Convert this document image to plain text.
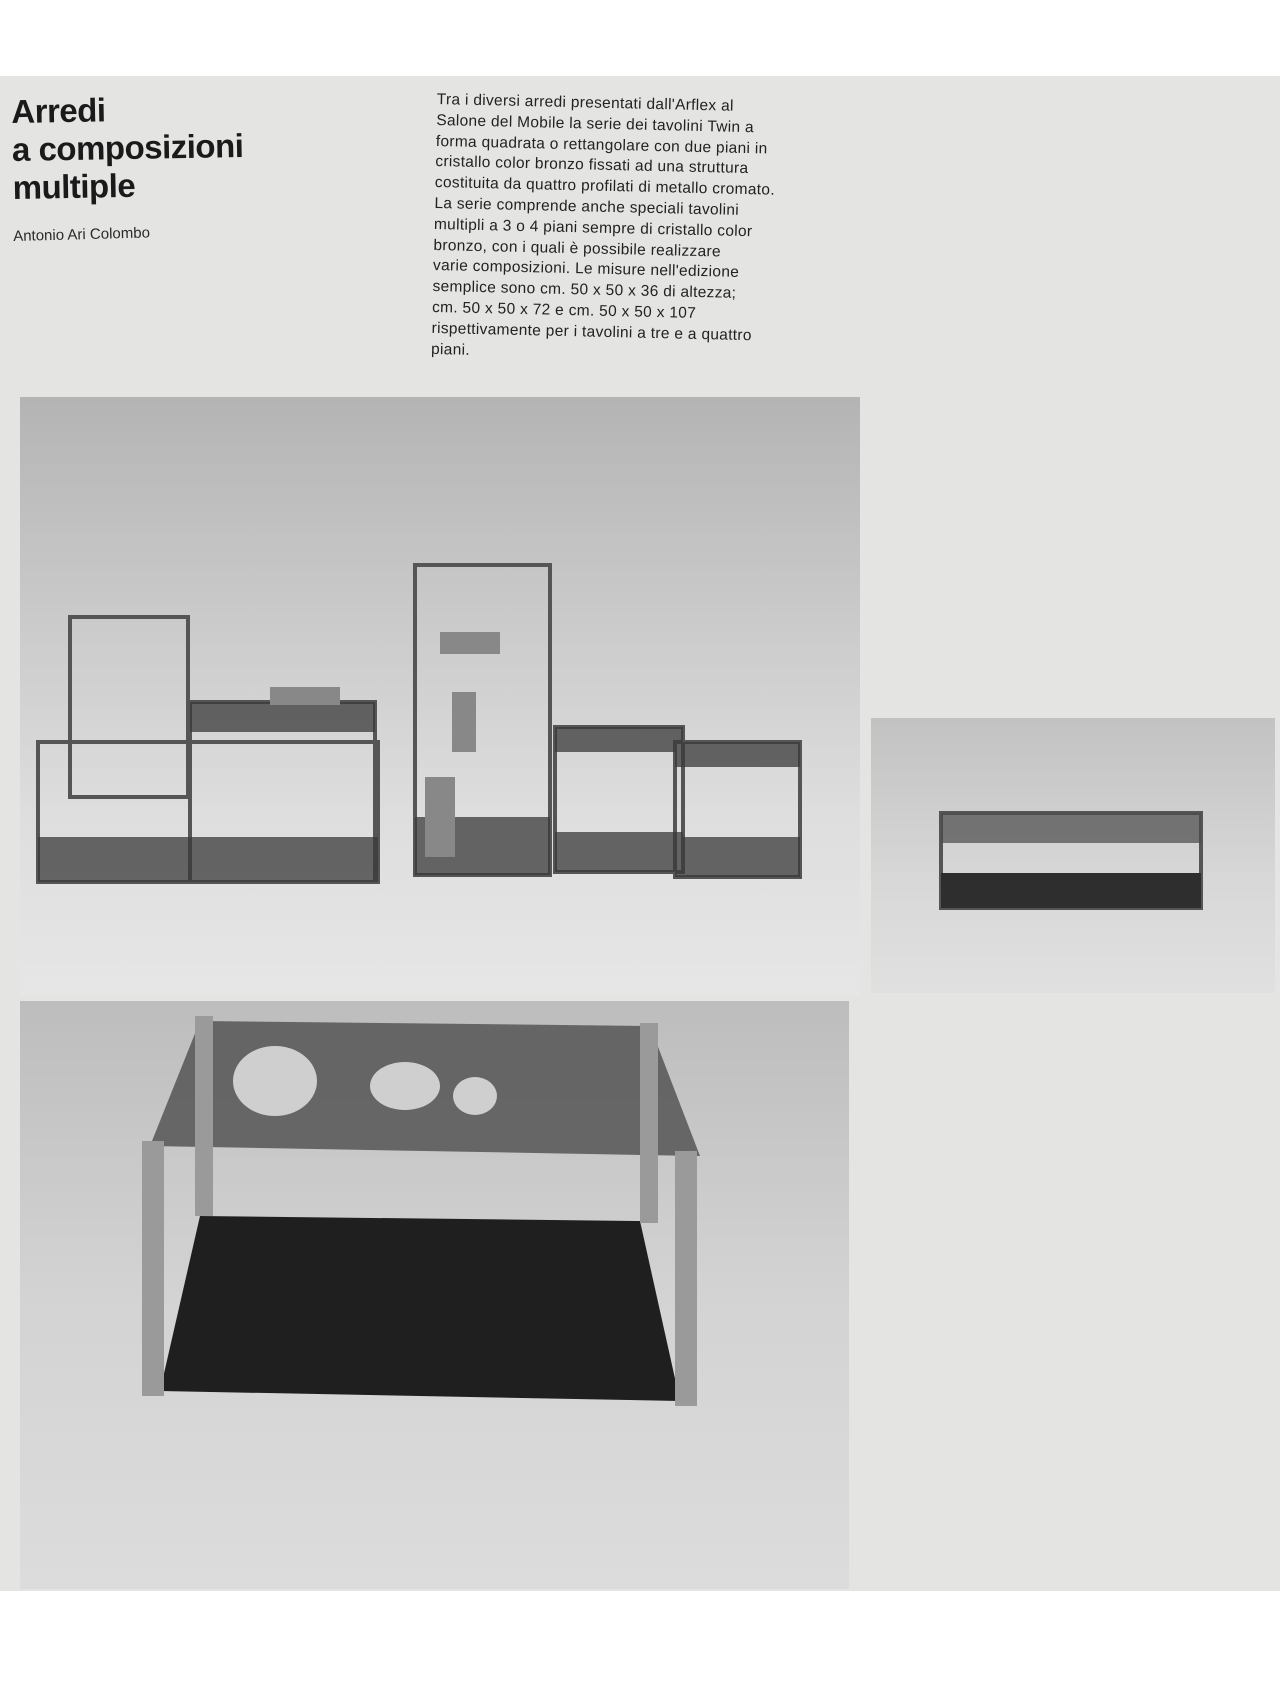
Arredi
a composizioni
multiple
Antonio Ari Colombo
Tra i diversi arredi presentati dall'Arflex al
Salone del Mobile la serie dei tavolini Twin a
forma quadrata o rettangolare con due piani in
cristallo color bronzo fissati ad una struttura
costituita da quattro profilati di metallo cromato.
La serie comprende anche speciali tavolini
multipli a 3 o 4 piani sempre di cristallo color
bronzo, con i quali è possibile realizzare
varie composizioni. Le misure nell'edizione
semplice sono cm. 50 x 50 x 36 di altezza;
cm. 50 x 50 x 72 e cm. 50 x 50 x 107
rispettivamente per i tavolini a tre e a quattro
piani.
